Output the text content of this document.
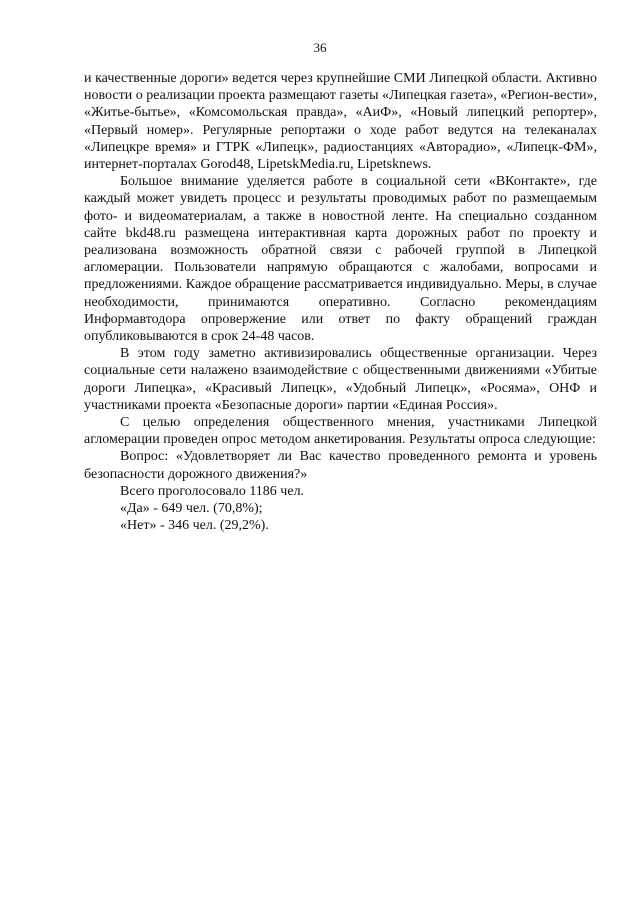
36

и качественные дороги» ведется через крупнейшие СМИ Липецкой области. Активно новости о реализации проекта размещают газеты «Липецкая газета», «Регион-вести», «Житье-бытье», «Комсомольская правда», «АиФ», «Новый липецкий репортер», «Первый номер». Регулярные репортажи о ходе работ ведутся на телеканалах «Липецкре время» и ГТРК «Липецк», радиостанциях «Авторадио», «Липецк-ФМ», интернет-порталах Gorod48, LipetskMedia.ru, Lipetsknews.

Большое внимание уделяется работе в социальной сети «ВКонтакте», где каждый может увидеть процесс и результаты проводимых работ по размещаемым фото- и видеоматериалам, а также в новостной ленте. На специально созданном сайте bkd48.ru размещена интерактивная карта дорожных работ по проекту и реализована возможность обратной связи с рабочей группой в Липецкой агломерации. Пользователи напрямую обращаются с жалобами, вопросами и предложениями. Каждое обращение рассматривается индивидуально. Меры, в случае необходимости, принимаются оперативно. Согласно рекомендациям Информавтодора опровержение или ответ по факту обращений граждан опубликовываются в срок 24-48 часов.

В этом году заметно активизировались общественные организации. Через социальные сети налажено взаимодействие с общественными движениями «Убитые дороги Липецка», «Красивый Липецк», «Удобный Липецк», «Росяма», ОНФ и участниками проекта «Безопасные дороги» партии «Единая Россия».

С целью определения общественного мнения, участниками Липецкой агломерации проведен опрос методом анкетирования. Результаты опроса следующие:

Вопрос: «Удовлетворяет ли Вас качество проведенного ремонта и уровень безопасности дорожного движения?»

Всего проголосовало 1186 чел.

«Да» - 649 чел. (70,8%);

«Нет» - 346 чел. (29,2%).
